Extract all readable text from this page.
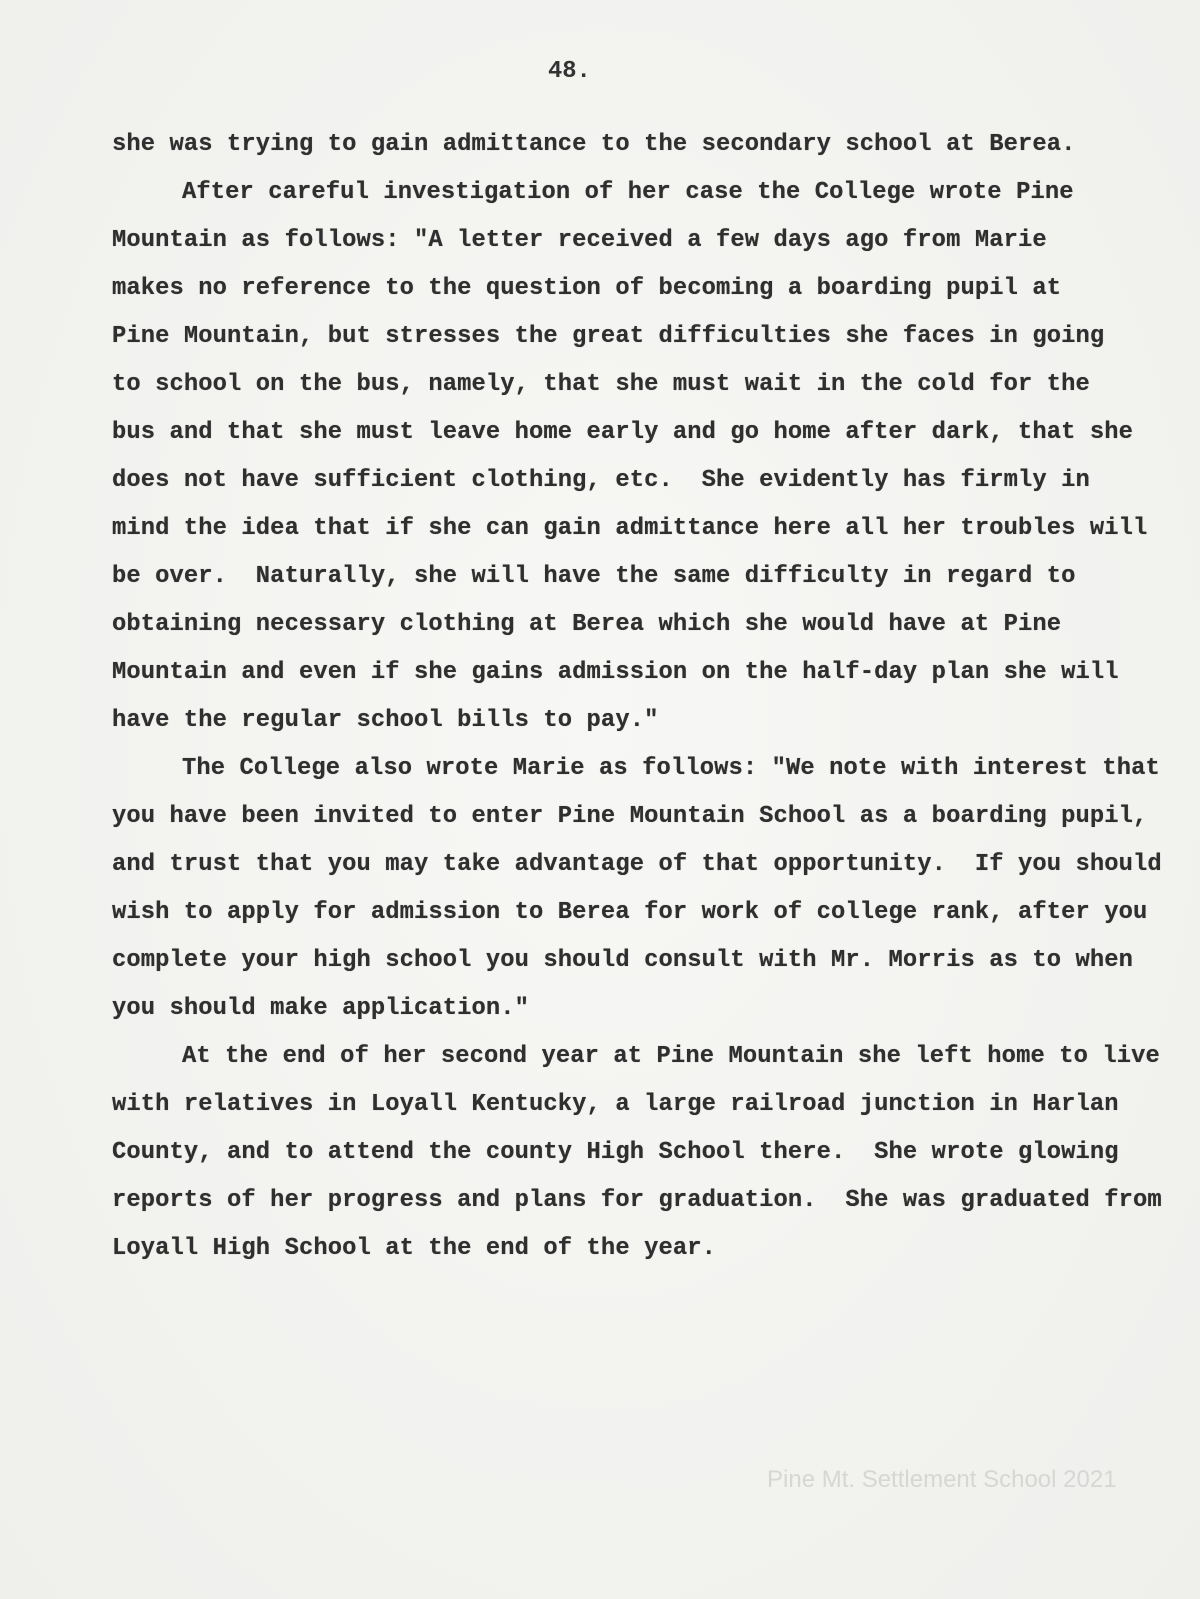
48.
she was trying to gain admittance to the secondary school at Berea.
After careful investigation of her case the College wrote Pine
Mountain as follows: "A letter received a few days ago from Marie
makes no reference to the question of becoming a boarding pupil at
Pine Mountain, but stresses the great difficulties she faces in going
to school on the bus, namely, that she must wait in the cold for the
bus and that she must leave home early and go home after dark, that she
does not have sufficient clothing, etc.  She evidently has firmly in
mind the idea that if she can gain admittance here all her troubles will
be over.  Naturally, she will have the same difficulty in regard to
obtaining necessary clothing at Berea which she would have at Pine
Mountain and even if she gains admission on the half-day plan she will
have the regular school bills to pay."
The College also wrote Marie as follows: "We note with interest that
you have been invited to enter Pine Mountain School as a boarding pupil,
and trust that you may take advantage of that opportunity.  If you should
wish to apply for admission to Berea for work of college rank, after you
complete your high school you should consult with Mr. Morris as to when
you should make application."
At the end of her second year at Pine Mountain she left home to live
with relatives in Loyall Kentucky, a large railroad junction in Harlan
County, and to attend the county High School there.  She wrote glowing
reports of her progress and plans for graduation.  She was graduated from
Loyall High School at the end of the year.
Pine Mt. Settlement School 2021
